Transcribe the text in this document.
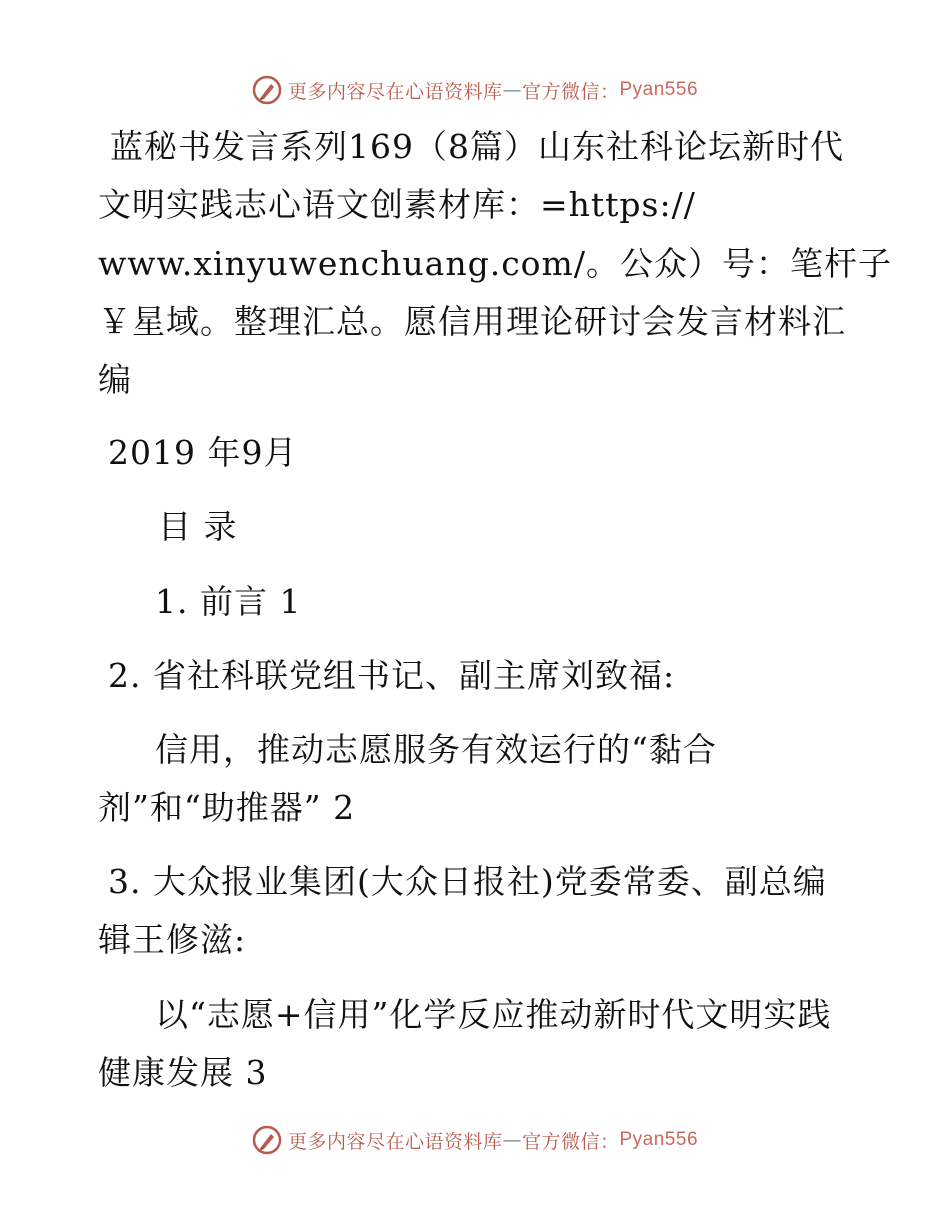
更多内容尽在心语资料库 — 官方微信： Pyan556
蓝秘书发言系列169（8篇）山东社科论坛新时代
文明实践志心语文创素材库：=https://
www.xinyuwenchuang.com/。公众）号：笔杆子
￥星域。整理汇总。愿信用理论研讨会发言材料汇
编
2019 年9月
目 录
1. 前言 1
2. 省社科联党组书记、副主席刘致福:
信用，推动志愿服务有效运行的“黏合
剂”和“助推器” 2
3. 大众报业集团(大众日报社)党委常委、副总编
辑王修滋:
以“志愿+信用”化学反应推动新时代文明实践
健康发展 3
更多内容尽在心语资料库 — 官方微信： Pyan556
